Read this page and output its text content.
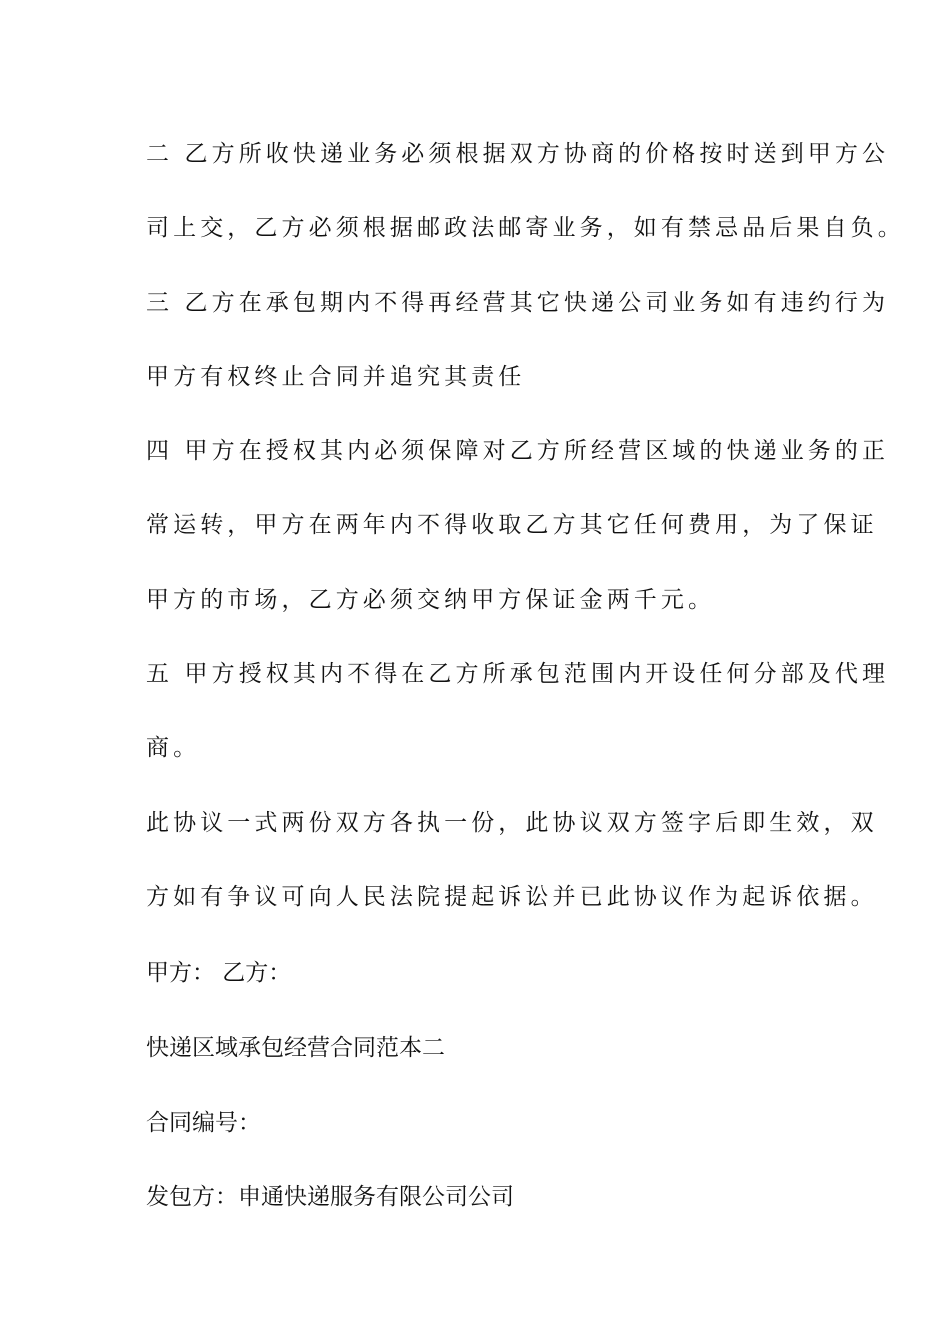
二 乙方所收快递业务必须根据双方协商的价格按时送到甲方公
司上交，乙方必须根据邮政法邮寄业务，如有禁忌品后果自负。
三 乙方在承包期内不得再经营其它快递公司业务如有违约行为
甲方有权终止合同并追究其责任
四 甲方在授权其内必须保障对乙方所经营区域的快递业务的正
常运转，甲方在两年内不得收取乙方其它任何费用，为了保证
甲方的市场，乙方必须交纳甲方保证金两千元。
五 甲方授权其内不得在乙方所承包范围内开设任何分部及代理
商。
此协议一式两份双方各执一份，此协议双方签字后即生效，双
方如有争议可向人民法院提起诉讼并已此协议作为起诉依据。
甲方： 乙方：
快递区域承包经营合同范本二
合同编号：
发包方：申通快递服务有限公司公司
